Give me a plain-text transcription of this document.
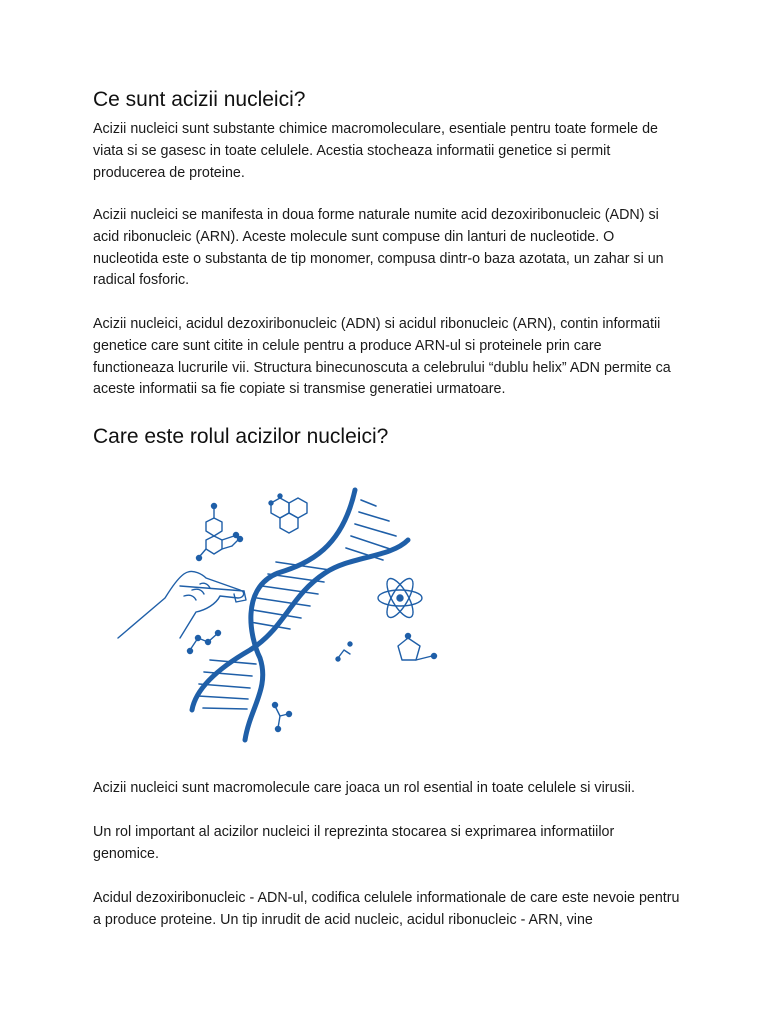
Ce sunt acizii nucleici?

Acizii nucleici sunt substante chimice macromoleculare, esentiale pentru toate formele de viata si se gasesc in toate celulele. Acestia stocheaza informatii genetice si permit producerea de proteine.

Acizii nucleici se manifesta in doua forme naturale numite acid dezoxiribonucleic (ADN) si acid ribonucleic (ARN). Aceste molecule sunt compuse din lanturi de nucleotide. O nucleotida este o substanta de tip monomer, compusa dintr-o baza azotata, un zahar si un radical fosforic.

Acizii nucleici, acidul dezoxiribonucleic (ADN) si acidul ribonucleic (ARN), contin informatii genetice care sunt citite in celule pentru a produce ARN-ul si proteinele prin care functioneaza lucrurile vii. Structura binecunoscuta a celebrului “dublu helix” ADN permite ca aceste informatii sa fie copiate si transmise generatiei urmatoare.

Care este rolul acizilor nucleici?

Acizii nucleici sunt macromolecule care joaca un rol esential in toate celulele si virusii.

Un rol important al acizilor nucleici il reprezinta stocarea si exprimarea informatiilor genomice.

Acidul dezoxiribonucleic - ADN-ul, codifica celulele informationale de care este nevoie pentru a produce proteine. Un tip inrudit de acid nucleic, acidul ribonucleic - ARN, vine
